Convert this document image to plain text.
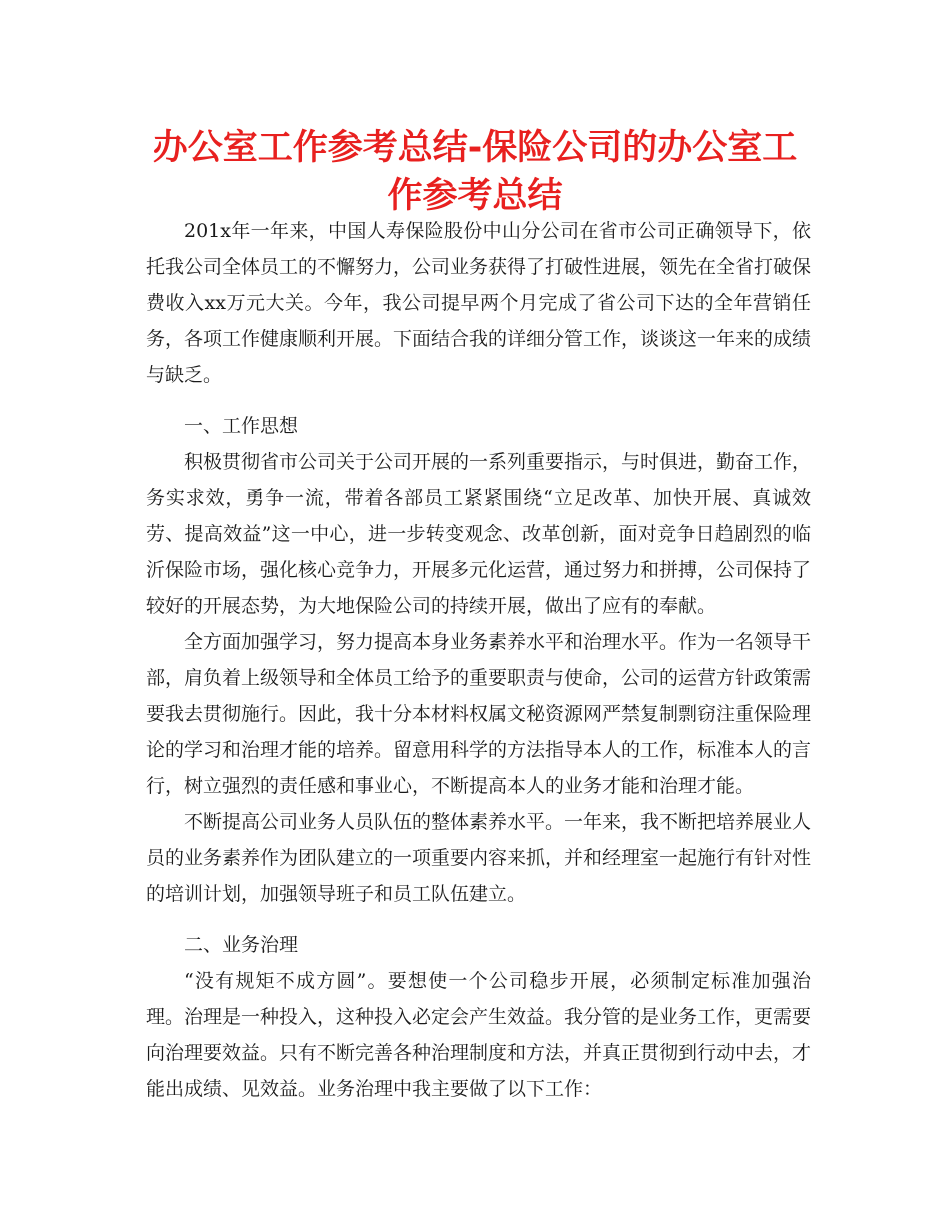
办公室工作参考总结-保险公司的办公室工作参考总结

201x年一年来，中国人寿保险股份中山分公司在省市公司正确领导下，依托我公司全体员工的不懈努力，公司业务获得了打破性进展，领先在全省打破保费收入xx万元大关。今年，我公司提早两个月完成了省公司下达的全年营销任务，各项工作健康顺利开展。下面结合我的详细分管工作，谈谈这一年来的成绩与缺乏。

一、工作思想

积极贯彻省市公司关于公司开展的一系列重要指示，与时俱进，勤奋工作，务实求效，勇争一流，带着各部员工紧紧围绕“立足改革、加快开展、真诚效劳、提高效益”这一中心，进一步转变观念、改革创新，面对竞争日趋剧烈的临沂保险市场，强化核心竞争力，开展多元化运营，通过努力和拼搏，公司保持了较好的开展态势，为大地保险公司的持续开展，做出了应有的奉献。

全方面加强学习，努力提高本身业务素养水平和治理水平。作为一名领导干部，肩负着上级领导和全体员工给予的重要职责与使命，公司的运营方针政策需要我去贯彻施行。因此，我十分本材料权属文秘资源网严禁复制剽窃注重保险理论的学习和治理才能的培养。留意用科学的方法指导本人的工作，标准本人的言行，树立强烈的责任感和事业心，不断提高本人的业务才能和治理才能。

不断提高公司业务人员队伍的整体素养水平。一年来，我不断把培养展业人员的业务素养作为团队建立的一项重要内容来抓，并和经理室一起施行有针对性的培训计划，加强领导班子和员工队伍建立。

二、业务治理

“没有规矩不成方圆”。要想使一个公司稳步开展，必须制定标准加强治理。治理是一种投入，这种投入必定会产生效益。我分管的是业务工作，更需要向治理要效益。只有不断完善各种治理制度和方法，并真正贯彻到行动中去，才能出成绩、见效益。业务治理中我主要做了以下工作：
